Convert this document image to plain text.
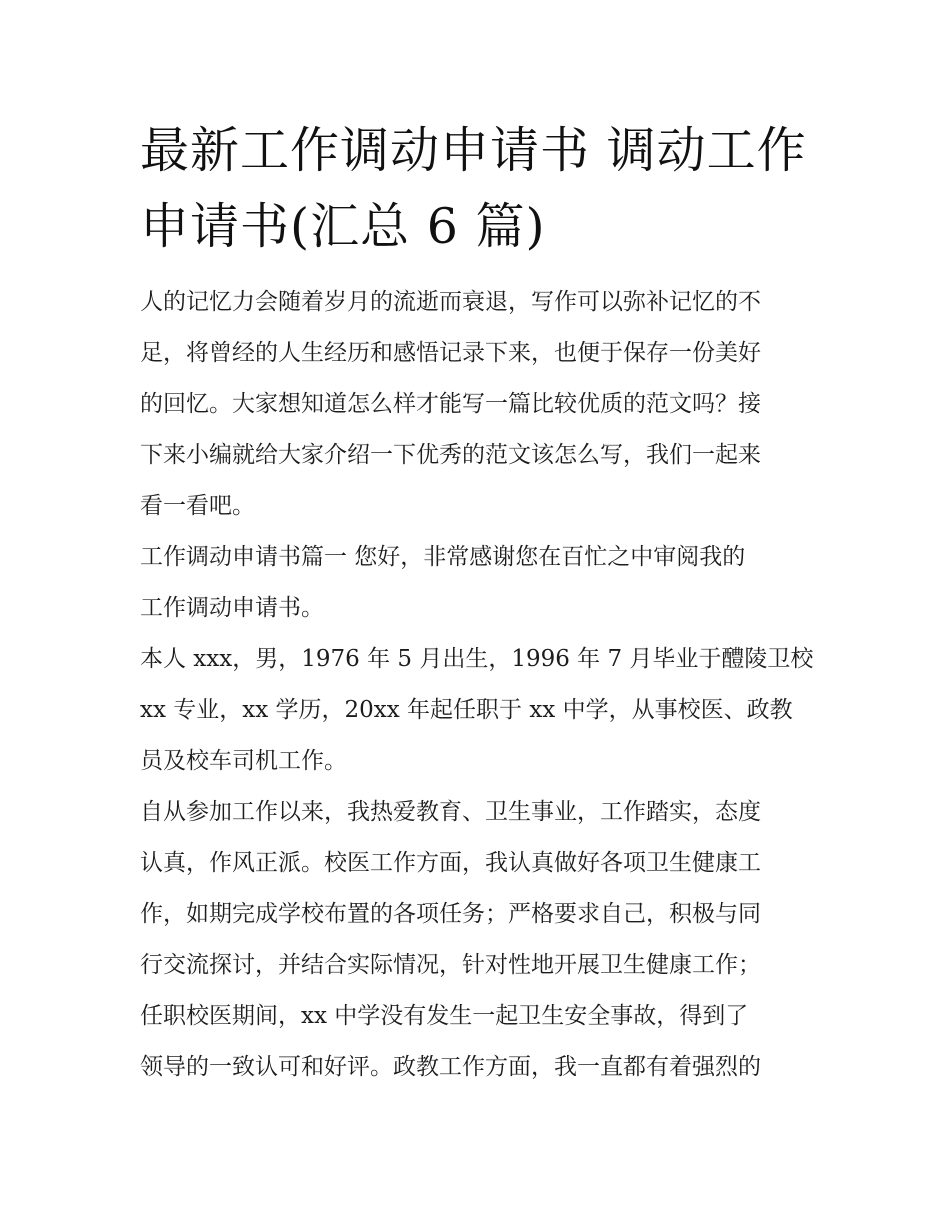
最新工作调动申请书 调动工作
申请书(汇总 6 篇)

人的记忆力会随着岁月的流逝而衰退，写作可以弥补记忆的不
足，将曾经的人生经历和感悟记录下来，也便于保存一份美好
的回忆。大家想知道怎么样才能写一篇比较优质的范文吗？接
下来小编就给大家介绍一下优秀的范文该怎么写，我们一起来
看一看吧。

工作调动申请书篇一 您好，非常感谢您在百忙之中审阅我的
工作调动申请书。

本人 xxx，男，1976 年 5 月出生，1996 年 7 月毕业于醴陵卫校
xx 专业，xx 学历，20xx 年起任职于 xx 中学，从事校医、政教
员及校车司机工作。

自从参加工作以来，我热爱教育、卫生事业，工作踏实，态度
认真，作风正派。校医工作方面，我认真做好各项卫生健康工
作，如期完成学校布置的各项任务；严格要求自己，积极与同
行交流探讨，并结合实际情况，针对性地开展卫生健康工作；
任职校医期间，xx 中学没有发生一起卫生安全事故，得到了
领导的一致认可和好评。政教工作方面，我一直都有着强烈的
